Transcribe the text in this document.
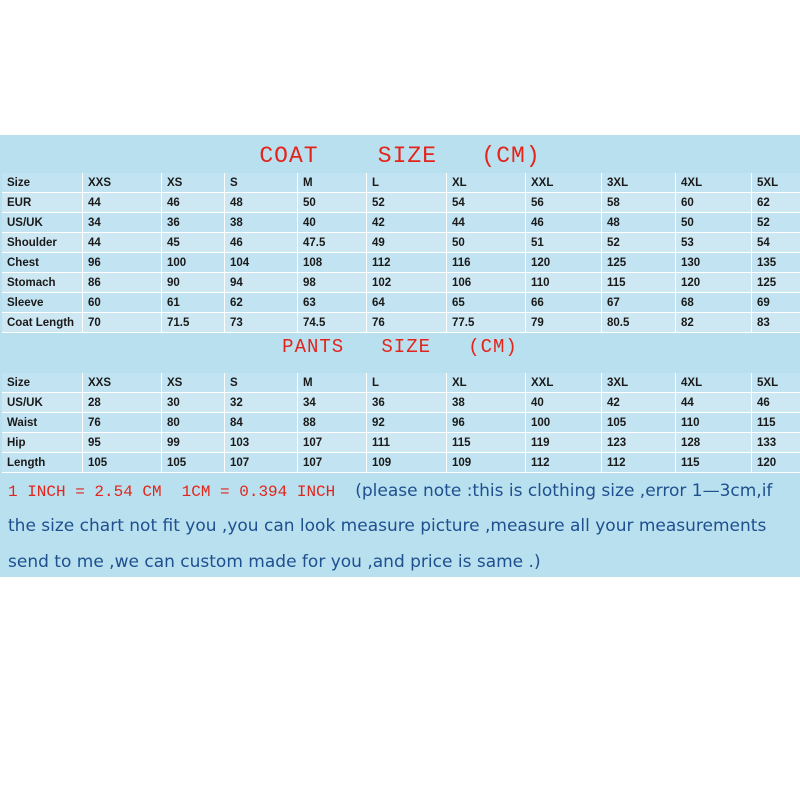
COAT    SIZE   (CM)
Size	XXS	XS	S	M	L	XL	XXL	3XL	4XL	5XL
EUR	44	46	48	50	52	54	56	58	60	62
US/UK	34	36	38	40	42	44	46	48	50	52
Shoulder	44	45	46	47.5	49	50	51	52	53	54
Chest	96	100	104	108	112	116	120	125	130	135
Stomach	86	90	94	98	102	106	110	115	120	125
Sleeve	60	61	62	63	64	65	66	67	68	69
Coat Length	70	71.5	73	74.5	76	77.5	79	80.5	82	83
PANTS   SIZE   (CM)
Size	XXS	XS	S	M	L	XL	XXL	3XL	4XL	5XL
US/UK	28	30	32	34	36	38	40	42	44	46
Waist	76	80	84	88	92	96	100	105	110	115
Hip	95	99	103	107	111	115	119	123	128	133
Length	105	105	107	107	109	109	112	112	115	120
1 INCH = 2.54 CM 1CM = 0.394 INCH (please note :this is clothing size ,error 1—3cm,if
the size chart not fit you ,you can look measure picture ,measure all your measurements
send to me ,we can custom made for you ,and price is same .)
